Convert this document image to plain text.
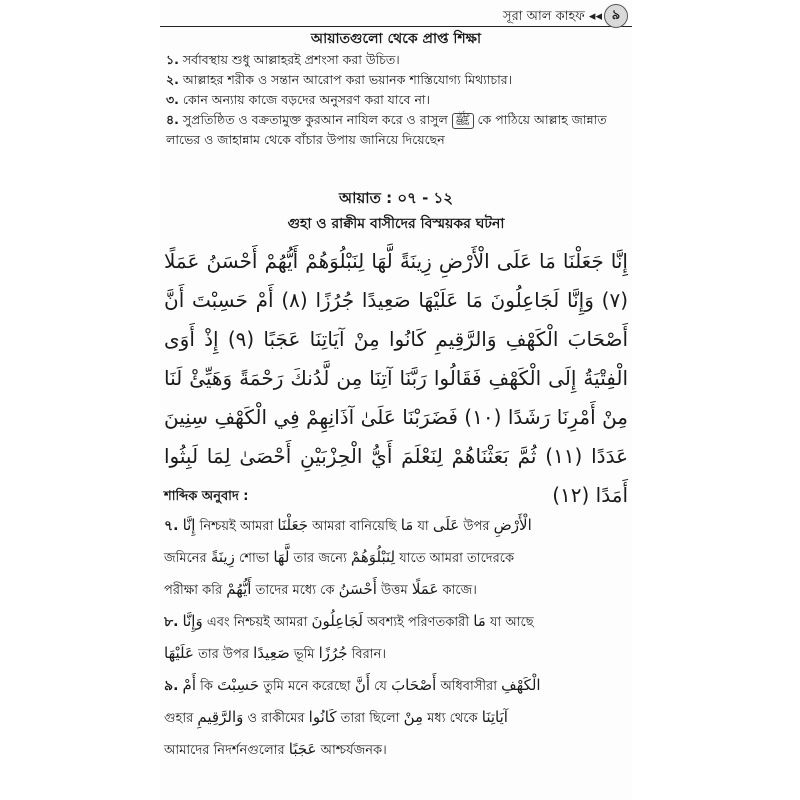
সূরা আল কাহফ ◂◂ ৯
আয়াতগুলো থেকে প্রাপ্ত শিক্ষা
১. সর্বাবস্থায় শুধু আল্লাহরই প্রশংসা করা উচিত।
২. আল্লাহর শরীক ও সন্তান আরোপ করা ভয়ানক শাস্তিযোগ্য মিথ্যাচার।
৩. কোন অন্যায় কাজে বড়দের অনুসরণ করা যাবে না।
৪. সুপ্রতিষ্ঠিত ও বক্রতামুক্ত কুরআন নাযিল করে ও রাসুল ﷺ কে পাঠিয়ে আল্লাহ জান্নাত লাভের ও জাহান্নাম থেকে বাঁচার উপায় জানিয়ে দিয়েছেন
আয়াত : ০৭ - ১২
গুহা ও রাক্বীম বাসীদের বিস্ময়কর ঘটনা

إِنَّا جَعَلْنَا مَا عَلَى الْأَرْضِ زِينَةً لَّهَا لِنَبْلُوَهُمْ أَيُّهُمْ أَحْسَنُ عَمَلًا (٧) وَإِنَّا لَجَاعِلُونَ مَا عَلَيْهَا صَعِيدًا جُرُزًا (٨) أَمْ حَسِبْتَ أَنَّ أَصْحَابَ الْكَهْفِ وَالرَّقِيمِ كَانُوا مِنْ آيَاتِنَا عَجَبًا (٩) إِذْ أَوَى الْفِتْيَةُ إِلَى الْكَهْفِ فَقَالُوا رَبَّنَا آتِنَا مِن لَّدُنكَ رَحْمَةً وَهَيِّئْ لَنَا مِنْ أَمْرِنَا رَشَدًا (١٠) فَضَرَبْنَا عَلَىٰ آذَانِهِمْ فِي الْكَهْفِ سِنِينَ عَدَدًا (١١) ثُمَّ بَعَثْنَاهُمْ لِنَعْلَمَ أَيُّ الْحِزْبَيْنِ أَحْصَىٰ لِمَا لَبِثُوا أَمَدًا (١٢)

শাব্দিক অনুবাদ :

৭. إِنَّا নিশ্চয়ই আমরা جَعَلْنَا আমরা বানিয়েছি مَا যা عَلَى উপর الْأَرْضِ

জমিনের زِينَةً শোভা لَّهَا তার জন্যে لِنَبْلُوَهُمْ যাতে আমরা তাদেরকে

পরীক্ষা করি أَيُّهُمْ তাদের মধ্যে কে أَحْسَنُ উত্তম عَمَلًا কাজে।

৮. وَإِنَّا এবং নিশ্চয়ই আমরা لَجَاعِلُونَ অবশ্যই পরিণতকারী مَا যা আছে

عَلَيْهَا তার উপর صَعِيدًا ভূমি جُرُزًا বিরান।

৯. أَمْ কি حَسِبْتَ তুমি মনে করেছো أَنَّ যে أَصْحَابَ অধিবাসীরা الْكَهْفِ

গুহার وَالرَّقِيمِ ও রাকীমের كَانُوا তারা ছিলো مِنْ মধ্য থেকে آيَاتِنَا

আমাদের নিদর্শনগুলোর عَجَبًا আশ্চর্যজনক।
